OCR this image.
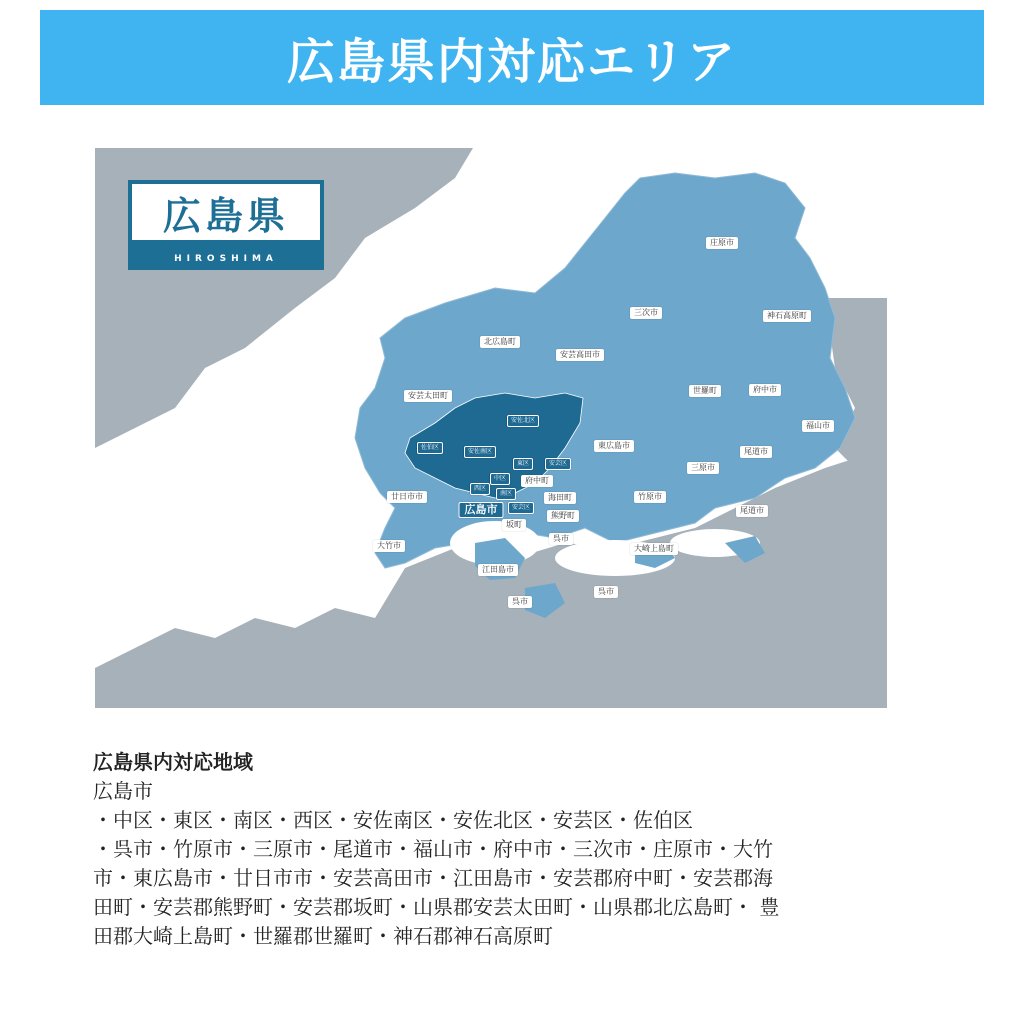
広島県内対応エリア
広島県
HIROSHIMA
庄原市
三次市	神石高原町
北広島町
安芸高田市
安芸太田町
世羅町	府中市
福山市
安佐北区
佐伯区
安佐南区
東広島市
尾道市
三原市
東区	安芸区
西区
中区	府中町
南区	海田町
廿日市市
広島市	安芸区
熊野町
竹原市
尾道市
坂町
呉市
大竹市	大崎上島町
江田島市
呉市
呉市
広島県内対応地域
広島市
・中区・東区・南区・西区・安佐南区・安佐北区・安芸区・佐伯区
・呉市・竹原市・三原市・尾道市・福山市・府中市・三次市・庄原市・大竹
市・東広島市・廿日市市・安芸高田市・江田島市・安芸郡府中町・安芸郡海
田町・安芸郡熊野町・安芸郡坂町・山県郡安芸太田町・山県郡北広島町・ 豊
田郡大崎上島町・世羅郡世羅町・神石郡神石高原町
